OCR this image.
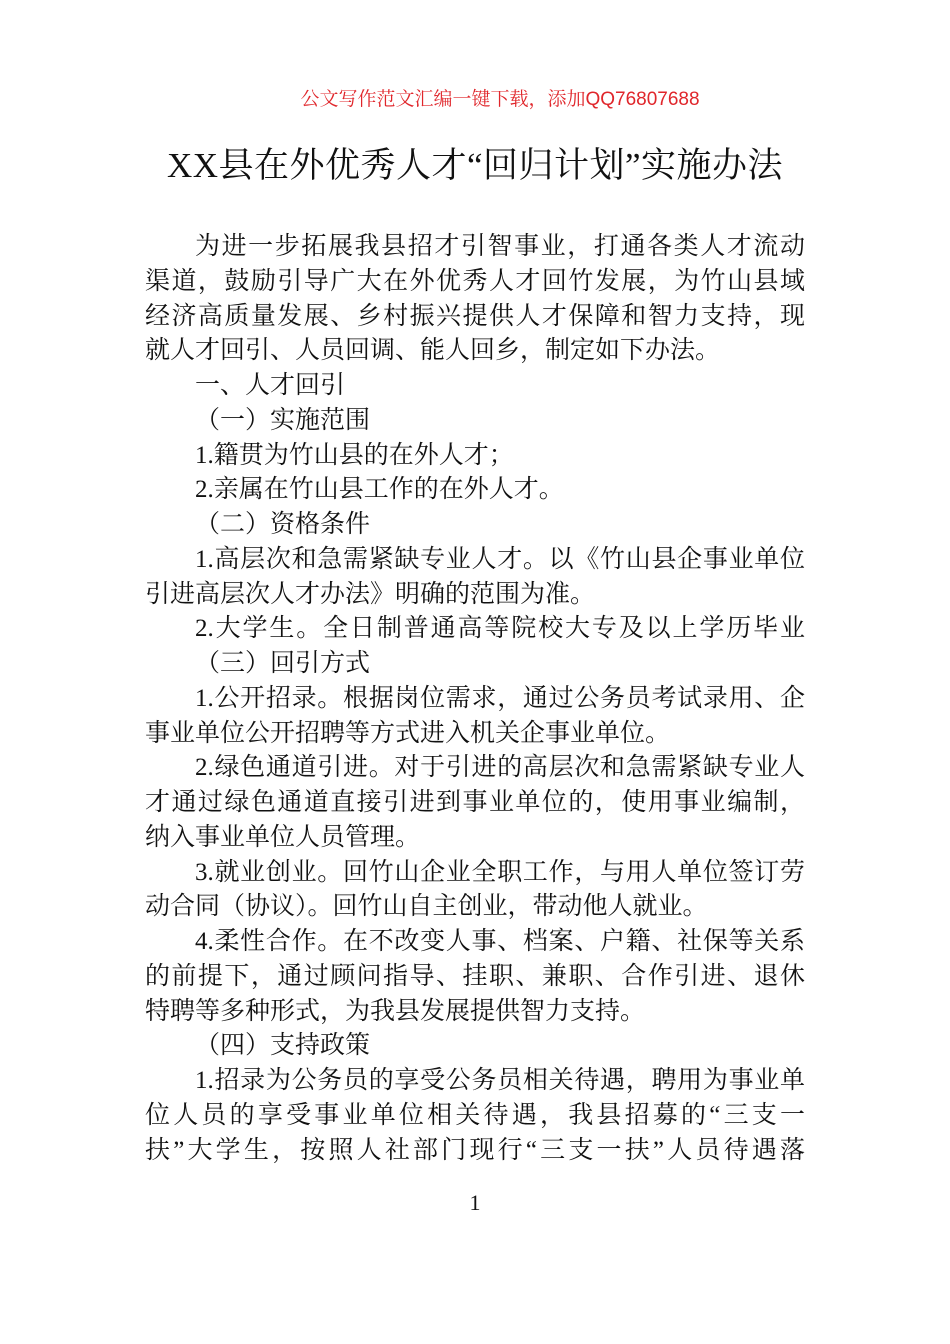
公文写作范文汇编一键下载，添加QQ76807688
XX县在外优秀人才“回归计划”实施办法
为进一步拓展我县招才引智事业，打通各类人才流动
渠道，鼓励引导广大在外优秀人才回竹发展，为竹山县域
经济高质量发展、乡村振兴提供人才保障和智力支持，现
就人才回引、人员回调、能人回乡，制定如下办法。
一、人才回引
（一）实施范围
1.籍贯为竹山县的在外人才；
2.亲属在竹山县工作的在外人才。
（二）资格条件
1.高层次和急需紧缺专业人才。以《竹山县企事业单位
引进高层次人才办法》明确的范围为准。
2.大学生。全日制普通高等院校大专及以上学历毕业
（三）回引方式
1.公开招录。根据岗位需求，通过公务员考试录用、企
事业单位公开招聘等方式进入机关企事业单位。
2.绿色通道引进。对于引进的高层次和急需紧缺专业人
才通过绿色通道直接引进到事业单位的，使用事业编制，
纳入事业单位人员管理。
3.就业创业。回竹山企业全职工作，与用人单位签订劳
动合同（协议）。回竹山自主创业，带动他人就业。
4.柔性合作。在不改变人事、档案、户籍、社保等关系
的前提下，通过顾问指导、挂职、兼职、合作引进、退休
特聘等多种形式，为我县发展提供智力支持。
（四）支持政策
1.招录为公务员的享受公务员相关待遇，聘用为事业单
位人员的享受事业单位相关待遇，我县招募的“三支一
扶”大学生，按照人社部门现行“三支一扶”人员待遇落
1
